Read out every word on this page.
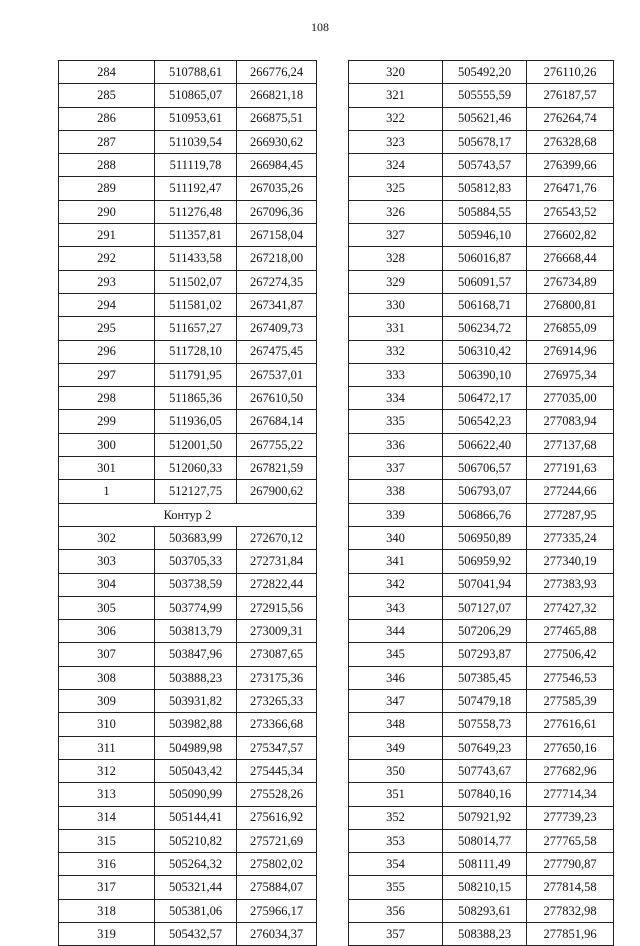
108
284	510788,61	266776,24
285	510865,07	266821,18
286	510953,61	266875,51
287	511039,54	266930,62
288	511119,78	266984,45
289	511192,47	267035,26
290	511276,48	267096,36
291	511357,81	267158,04
292	511433,58	267218,00
293	511502,07	267274,35
294	511581,02	267341,87
295	511657,27	267409,73
296	511728,10	267475,45
297	511791,95	267537,01
298	511865,36	267610,50
299	511936,05	267684,14
300	512001,50	267755,22
301	512060,33	267821,59
1	512127,75	267900,62
Контур 2		
302	503683,99	272670,12
303	503705,33	272731,84
304	503738,59	272822,44
305	503774,99	272915,56
306	503813,79	273009,31
307	503847,96	273087,65
308	503888,23	273175,36
309	503931,82	273265,33
310	503982,88	273366,68
311	504989,98	275347,57
312	505043,42	275445,34
313	505090,99	275528,26
314	505144,41	275616,92
315	505210,82	275721,69
316	505264,32	275802,02
317	505321,44	275884,07
318	505381,06	275966,17
319	505432,57	276034,37
320	505492,20	276110,26
321	505555,59	276187,57
322	505621,46	276264,74
323	505678,17	276328,68
324	505743,57	276399,66
325	505812,83	276471,76
326	505884,55	276543,52
327	505946,10	276602,82
328	506016,87	276668,44
329	506091,57	276734,89
330	506168,71	276800,81
331	506234,72	276855,09
332	506310,42	276914,96
333	506390,10	276975,34
334	506472,17	277035,00
335	506542,23	277083,94
336	506622,40	277137,68
337	506706,57	277191,63
338	506793,07	277244,66
339	506866,76	277287,95
340	506950,89	277335,24
341	506959,92	277340,19
342	507041,94	277383,93
343	507127,07	277427,32
344	507206,29	277465,88
345	507293,87	277506,42
346	507385,45	277546,53
347	507479,18	277585,39
348	507558,73	277616,61
349	507649,23	277650,16
350	507743,67	277682,96
351	507840,16	277714,34
352	507921,92	277739,23
353	508014,77	277765,58
354	508111,49	277790,87
355	508210,15	277814,58
356	508293,61	277832,98
357	508388,23	277851,96
